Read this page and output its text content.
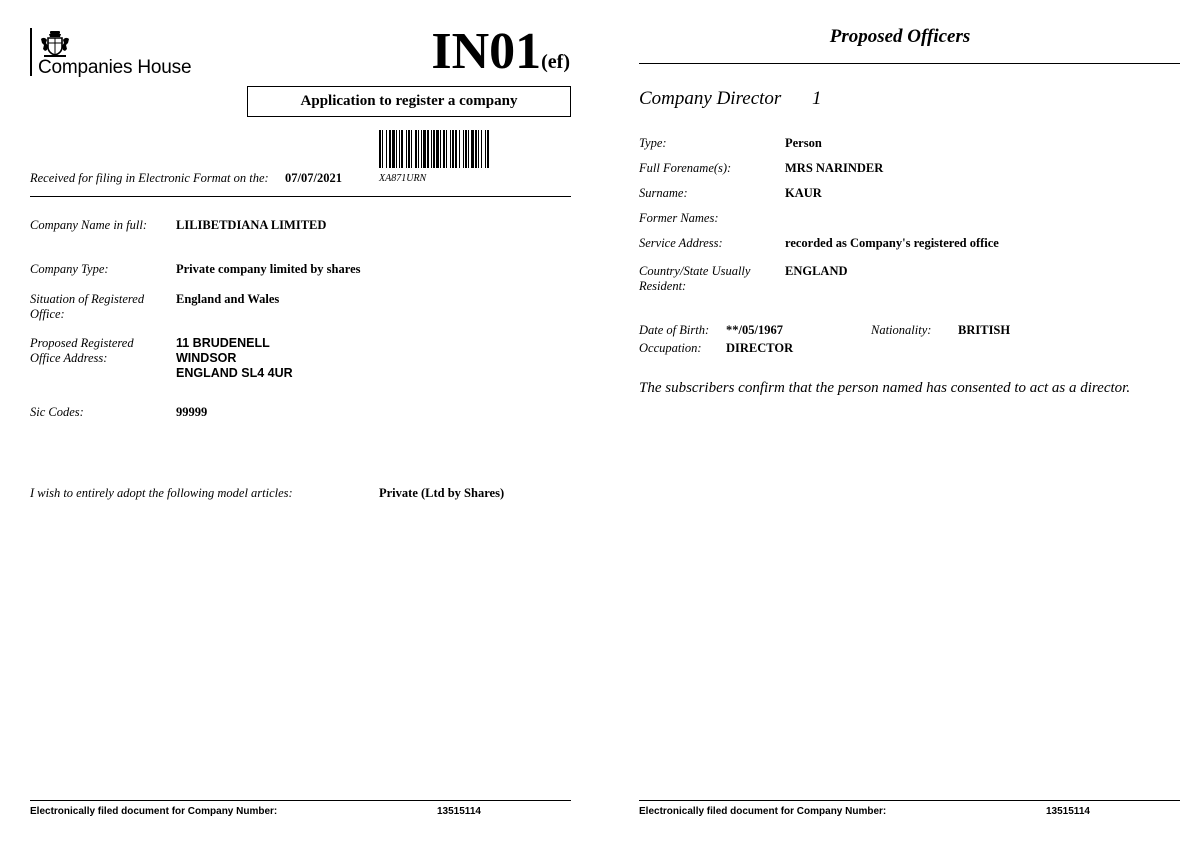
Companies House	IN01(ef)
Application to register a company
Received for filing in Electronic Format on the: 07/07/2021	XA871URN
Company Name in full:	LILIBETDIANA LIMITED
Company Type:	Private company limited by shares
Situation of Registered Office:
England and Wales
Proposed Registered Office Address:
11 BRUDENELL
WINDSOR
ENGLAND SL4 4UR
Sic Codes:	99999
I wish to entirely adopt the following model articles:	Private (Ltd by Shares)
Electronically filed document for Company Number:	13515114
Proposed Officers
Company Director 1
Type:	Person
Full Forename(s):	MRS NARINDER
Surname:	KAUR
Former Names:
Service Address:	recorded as Company's registered office
Country/State Usually Resident:
ENGLAND
Date of Birth: **/05/1967	Nationality: BRITISH
Occupation: DIRECTOR
The subscribers confirm that the person named has consented to act as a director.
Electronically filed document for Company Number:	13515114
